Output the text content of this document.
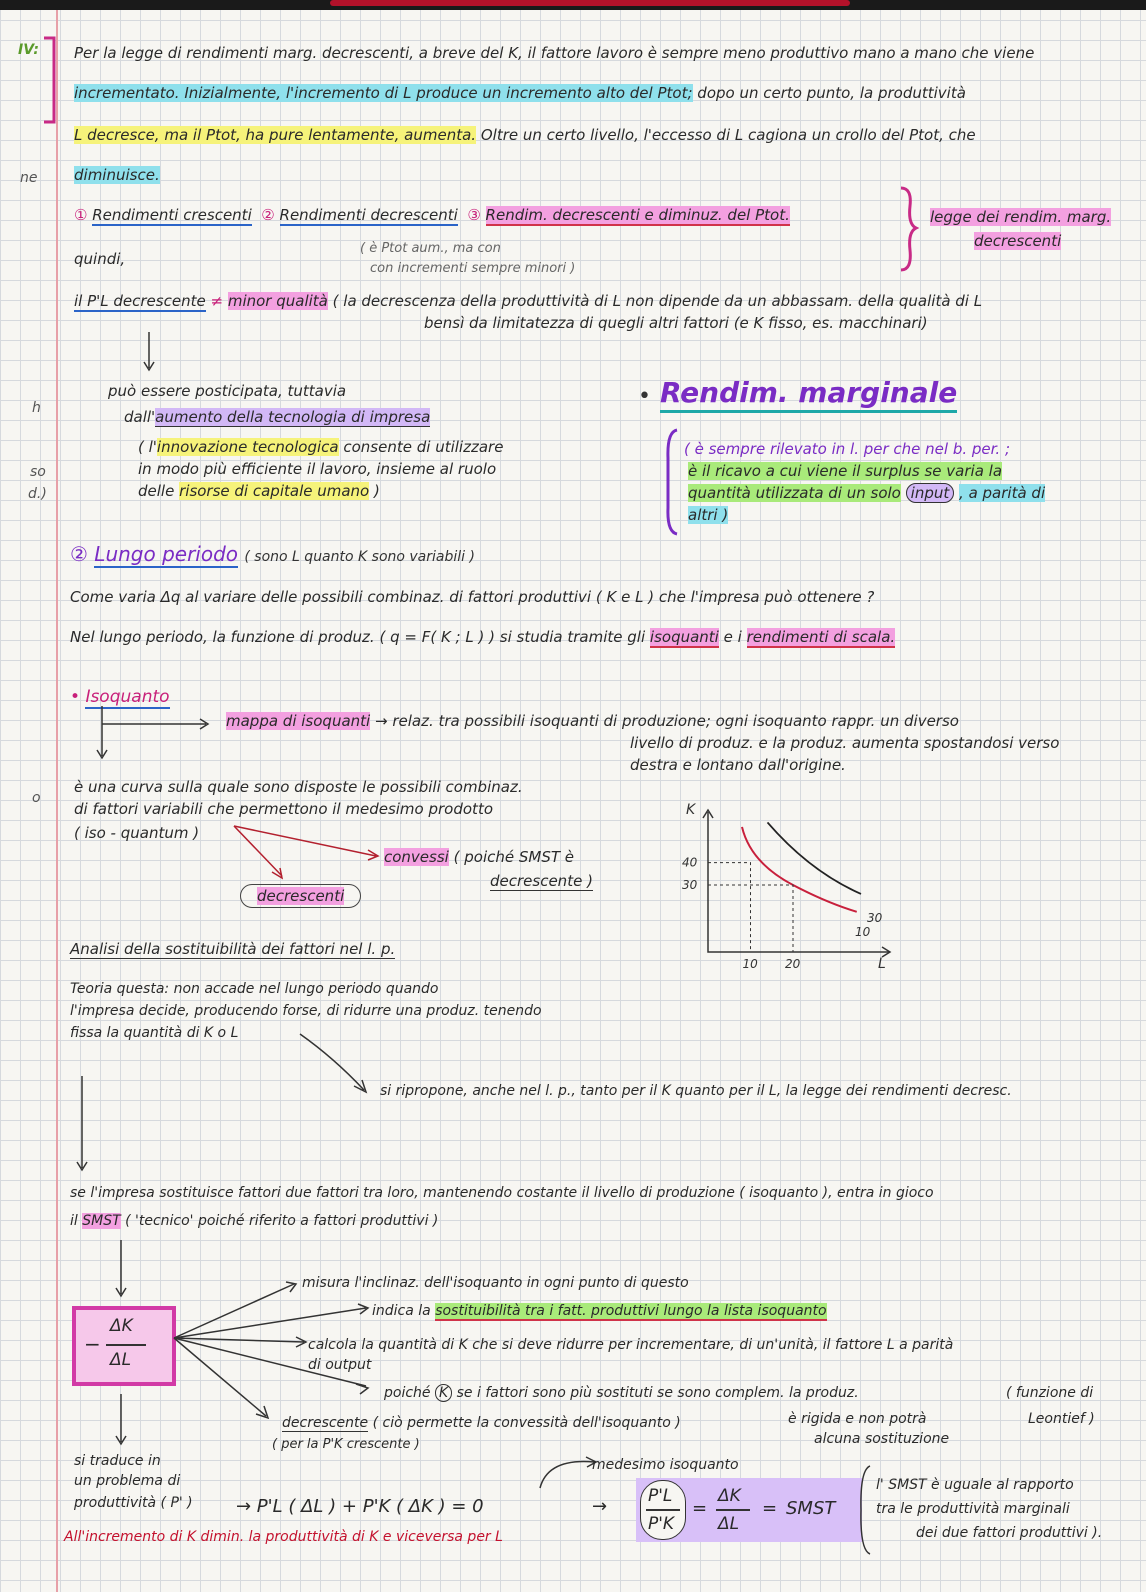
IV:
ne
h
so
d.)
o
Per la legge di rendimenti marg. decrescenti, a breve del K, il fattore lavoro è sempre meno produttivo mano a mano che viene
incrementato. Inizialmente, l'incremento di L produce un incremento alto del Ptot; dopo un certo punto, la produttività
L decresce, ma il Ptot, ha pure lentamente, aumenta. Oltre un certo livello, l'eccesso di L cagiona un crollo del Ptot, che
diminuisce.
① Rendimenti crescenti ② Rendimenti decrescenti ③ Rendim. decrescenti e diminuz. del Ptot.	legge dei rendim. marg.
decrescenti
( è Ptot aum., ma con
con incrementi sempre minori )
quindi,
il P'L decrescente ≠ minor qualità ( la decrescenza della produttività di L non dipende da un abbassam. della qualità di L
bensì da limitatezza di quegli altri fattori (e K fisso, es. macchinari)
può essere posticipata, tuttavia
dall'aumento della tecnologia di impresa
( l'innovazione tecnologica consente di utilizzare
in modo più efficiente il lavoro, insieme al ruolo
delle risorse di capitale umano )
• Rendim. marginale
( è sempre rilevato in l. per che nel b. per. ;
è il ricavo a cui viene il surplus se varia la
quantità utilizzata di un solo input , a parità di
altri )
② Lungo periodo ( sono L quanto K sono variabili )
Come varia Δq al variare delle possibili combinaz. di fattori produttivi ( K e L ) che l'impresa può ottenere ?
Nel lungo periodo, la funzione di produz. ( q = F( K ; L ) ) si studia tramite gli isoquanti e i rendimenti di scala.
• Isoquanto
mappa di isoquanti → relaz. tra possibili isoquanti di produzione; ogni isoquanto rappr. un diverso
livello di produz. e la produz. aumenta spostandosi verso
destra e lontano dall'origine.
è una curva sulla quale sono disposte le possibili combinaz.
di fattori variabili che permettono il medesimo prodotto
( iso - quantum )
convessi ( poiché SMST è
decrescente )
decrescenti
K
L
10 20
30
40
10
30
Analisi della sostituibilità dei fattori nel l. p.
Teoria questa: non accade nel lungo periodo quando
l'impresa decide, producendo forse, di ridurre una produz. tenendo
fissa la quantità di K o L
si ripropone, anche nel l. p., tanto per il K quanto per il L, la legge dei rendimenti decresc.
se l'impresa sostituisce fattori due fattori tra loro, mantenendo costante il livello di produzione ( isoquanto ), entra in gioco
il SMST ( 'tecnico' poiché riferito a fattori produttivi )
−
ΔK
ΔL
misura l'inclinaz. dell'isoquanto in ogni punto di questo
indica la sostituibilità tra i fatt. produttivi lungo la lista isoquanto
calcola la quantità di K che si deve ridurre per incrementare, di un'unità, il fattore L a parità
di output
poiché K se i fattori sono più sostituti se sono complem. la produz.	( funzione di
è rigida e non potrà	Leontief )
alcuna sostituzione
decrescente ( ciò permette la convessità dell'isoquanto )
( per la P'K crescente )
si traduce in
un problema di
produttività ( P' )
medesimo isoquanto
→ P'L ( ΔL ) + P'K ( ΔK ) = 0	→ P'L
P'K
=
ΔK
ΔL
= SMST
l' SMST è uguale al rapporto
tra le produttività marginali
dei due fattori produttivi ).
All'incremento di K dimin. la produttività di K e viceversa per L
